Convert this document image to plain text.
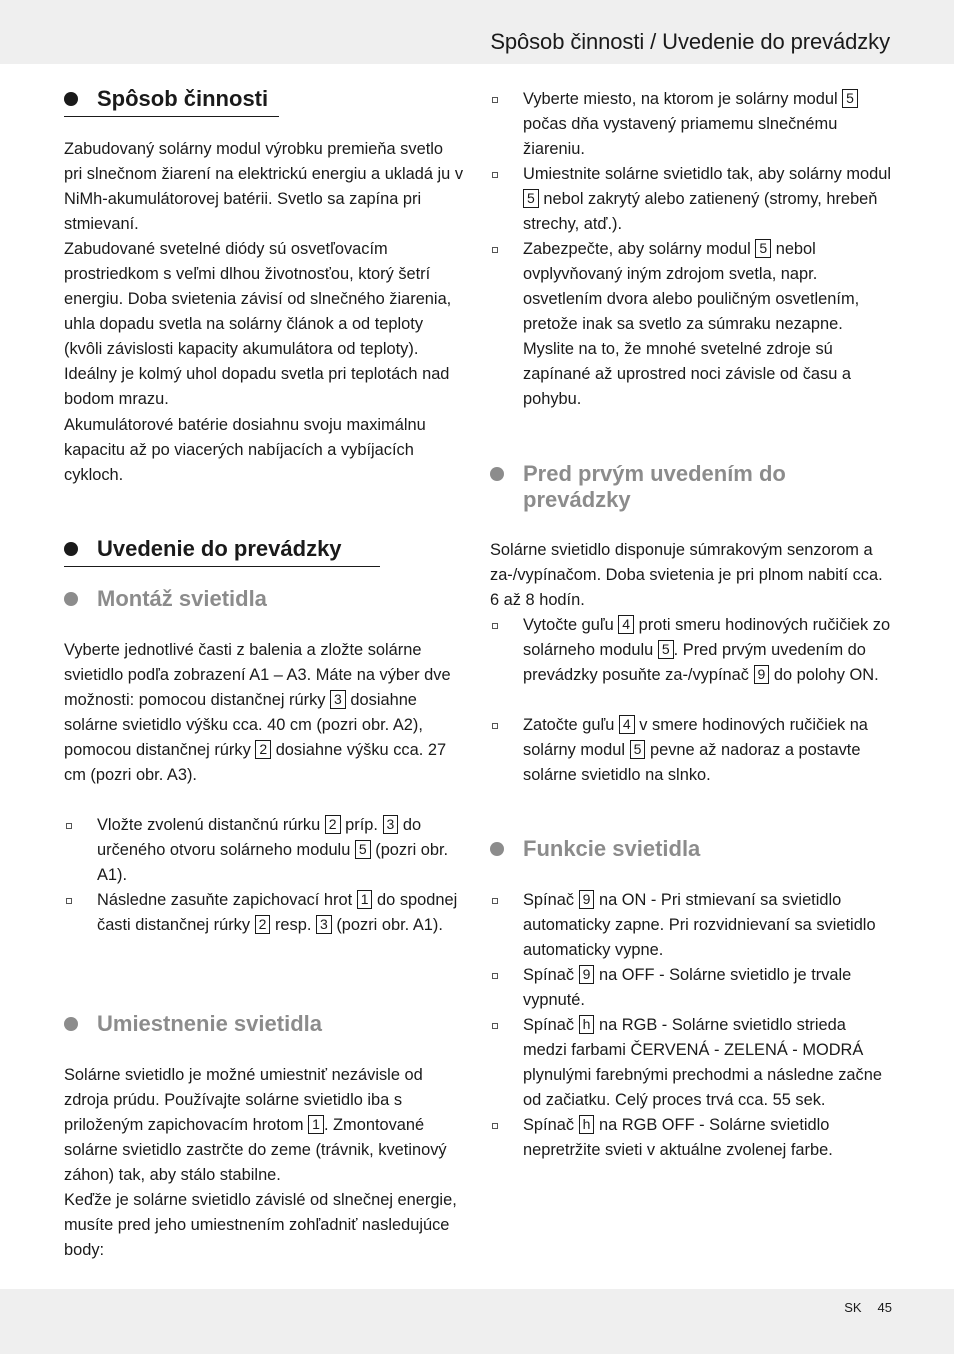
Spôsob činnosti / Uvedenie do prevádzky
Spôsob činnosti

Zabudovaný solárny modul výrobku premieňa svetlo pri slnečnom žiarení na elektrickú energiu a ukladá ju v NiMh-akumulátorovej batérii. Svetlo sa zapína pri stmievaní.

Zabudované svetelné diódy sú osvetľovacím prostriedkom s veľmi dlhou životnosťou, ktorý šetrí energiu. Doba svietenia závisí od slnečného žiarenia, uhla dopadu svetla na solárny článok a od teploty (kvôli závislosti kapacity akumulátora od teploty). Ideálny je kolmý uhol dopadu svetla pri teplotách nad bodom mrazu.

Akumulátorové batérie dosiahnu svoju maximálnu kapacitu až po viacerých nabíjacích a vybíjacích cykloch.

Uvedenie do prevádzky
Montáž svietidla

Vyberte jednotlivé časti z balenia a zložte solárne svietidlo podľa zobrazení A1 – A3. Máte na výber dve možnosti: pomocou distančnej rúrky 3 dosiahne solárne svietidlo výšku cca. 40 cm (pozri obr. A2), pomocou distančnej rúrky 2 dosiahne výšku cca. 27 cm (pozri obr. A3).

Vložte zvolenú distančnú rúrku 2 príp. 3 do určeného otvoru solárneho modulu 5 (pozri obr. A1).
Následne zasuňte zapichovací hrot 1 do spodnej časti distančnej rúrky 2 resp. 3 (pozri obr. A1).
Umiestnenie svietidla

Solárne svietidlo je možné umiestniť nezávisle od zdroja prúdu. Používajte solárne svietidlo iba s priloženým zapichovacím hrotom 1 . Zmontované solárne svietidlo zastrčte do zeme (trávnik, kvetinový záhon) tak, aby stálo stabilne.

Keďže je solárne svietidlo závislé od slnečnej energie, musíte pred jeho umiestnením zohľadniť nasledujúce body:

Vyberte miesto, na ktorom je solárny modul 5 počas dňa vystavený priamemu slnečnému žiareniu.
Umiestnite solárne svietidlo tak, aby solárny modul 5 nebol zakrytý alebo zatienený (stromy, hrebeň strechy, atď.).
Zabezpečte, aby solárny modul 5 nebol ovplyvňovaný iným zdrojom svetla, napr. osvetlením dvora alebo pouličným osvetlením, pretože inak sa svetlo za súmraku nezapne. Myslite na to, že mnohé svetelné zdroje sú zapínané až uprostred noci závisle od času a pohybu.
Pred prvým uvedením do prevádzky

Solárne svietidlo disponuje súmrakovým senzorom a za-/vypínačom. Doba svietenia je pri plnom nabití cca. 6 až 8 hodín.

Vytočte guľu 4 proti smeru hodinových ručičiek zo solárneho modulu 5 . Pred prvým uvedením do prevádzky posuňte za-/vypínač 9 do polohy ON.
Zatočte guľu 4 v smere hodinových ručičiek na solárny modul 5 pevne až nadoraz a postavte solárne svietidlo na slnko.
Funkcie svietidla
Spínač 9 na ON - Pri stmievaní sa svietidlo automaticky zapne. Pri rozvidnievaní sa svietidlo automaticky vypne.
Spínač 9 na OFF - Solárne svietidlo je trvale vypnuté.
Spínač h na RGB - Solárne svietidlo strieda medzi farbami ČERVENÁ - ZELENÁ - MODRÁ plynulými farebnými prechodmi a následne začne od začiatku. Celý proces trvá cca. 55 sek.
Spínač h na RGB OFF - Solárne svietidlo nepretržite svieti v aktuálne zvolenej farbe.
SK 45
